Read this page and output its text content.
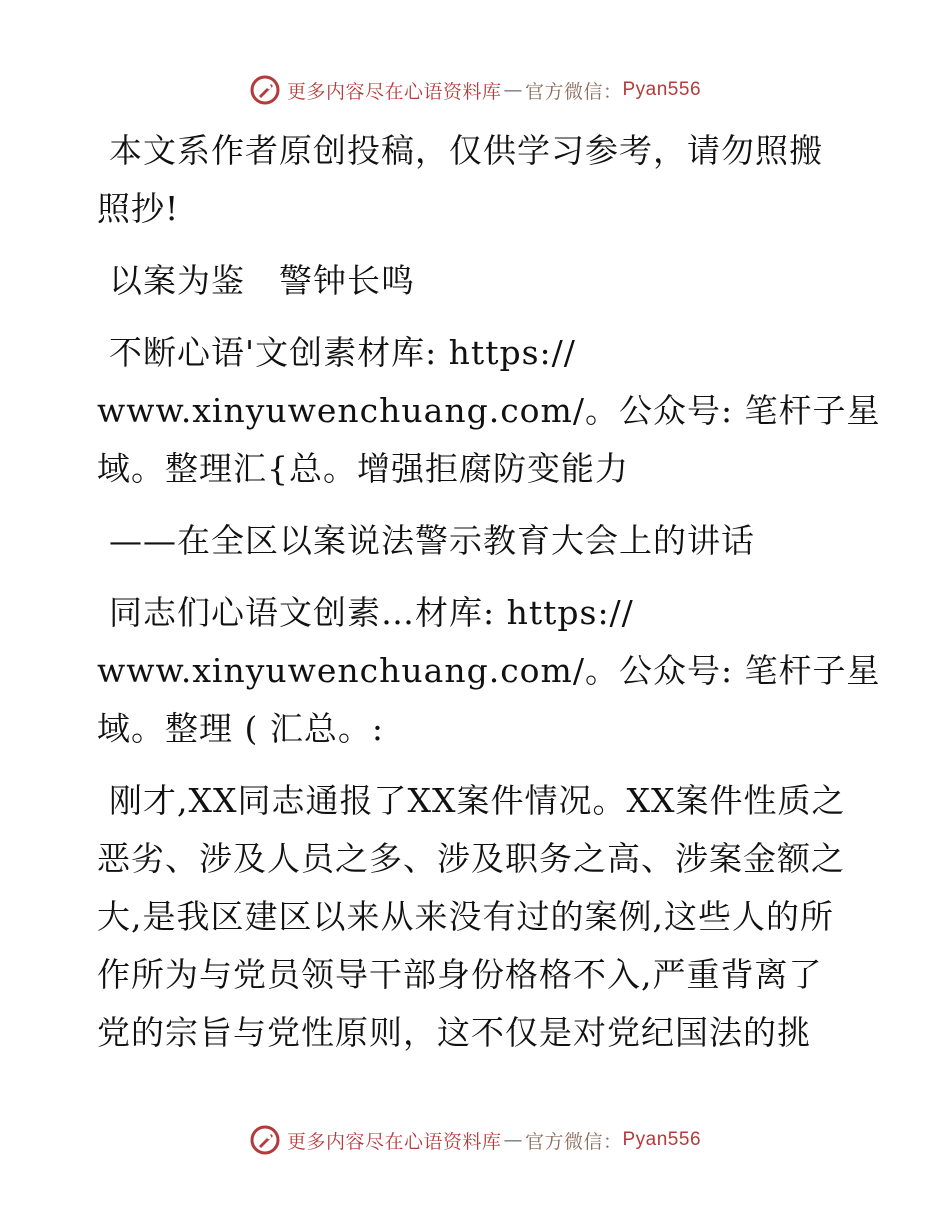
更多内容尽在心语资料库 — 官方微信： Pyan556

本文系作者原创投稿，仅供学习参考，请勿照搬
照抄!

以案为鉴　警钟长鸣

不断心语'文创素材库: https://
www.xinyuwenchuang.com/。公众号: 笔杆子星
域。整理汇{总。增强拒腐防变能力

——在全区以案说法警示教育大会上的讲话

同志们心语文创素…材库: https://
www.xinyuwenchuang.com/。公众号: 笔杆子星
域。整理 ( 汇总。:

刚才,XX同志通报了XX案件情况。XX案件性质之
恶劣、涉及人员之多、涉及职务之高、涉案金额之
大,是我区建区以来从来没有过的案例,这些人的所
作所为与党员领导干部身份格格不入,严重背离了
党的宗旨与党性原则，这不仅是对党纪国法的挑

更多内容尽在心语资料库 — 官方微信： Pyan556
